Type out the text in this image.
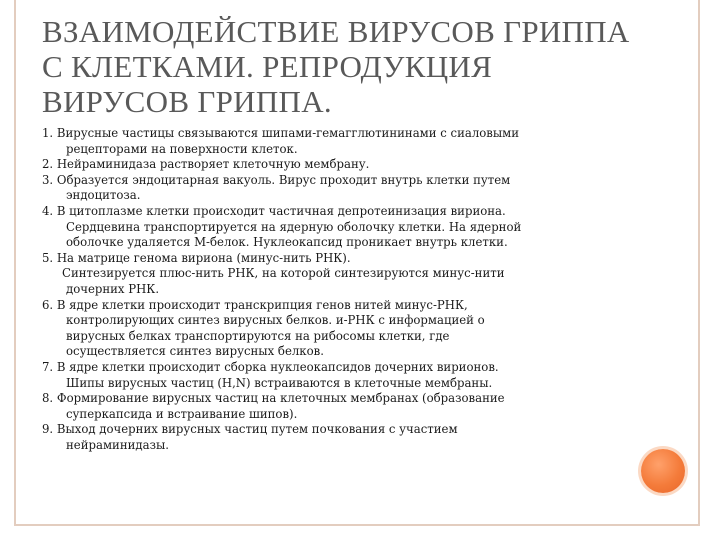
ВЗАИМОДЕЙСТВИЕ ВИРУСОВ ГРИППА
С КЛЕТКАМИ. РЕПРОДУКЦИЯ
ВИРУСОВ ГРИППА.
1. Вирусные частицы связываются шипами-гемагглютининами с сиаловыми
рецепторами на поверхности клеток.
2. Нейраминидаза растворяет клеточную мембрану.
3. Образуется эндоцитарная вакуоль. Вирус проходит внутрь клетки путем
эндоцитоза.
4. В цитоплазме клетки происходит частичная депротеинизация вириона.
Сердцевина транспортируется на ядерную оболочку клетки. На ядерной
оболочке удаляется М-белок. Нуклеокапсид проникает внутрь клетки.
5. На матрице генома вириона (минус-нить РНК).
Синтезируется плюс-нить РНК, на которой синтезируются минус-нити
дочерних РНК.
6. В ядре клетки происходит транскрипция генов нитей минус-РНК,
контролирующих синтез вирусных белков. и-РНК с информацией о
вирусных белках транспортируются на рибосомы клетки, где
осуществляется синтез вирусных белков.
7. В ядре клетки происходит сборка нуклеокапсидов дочерних вирионов.
Шипы вирусных частиц (H,N) встраиваются в клеточные мембраны.
8. Формирование вирусных частиц на клеточных мембранах (образование
суперкапсида и встраивание шипов).
9. Выход дочерних вирусных частиц путем почкования с участием
нейраминидазы.
